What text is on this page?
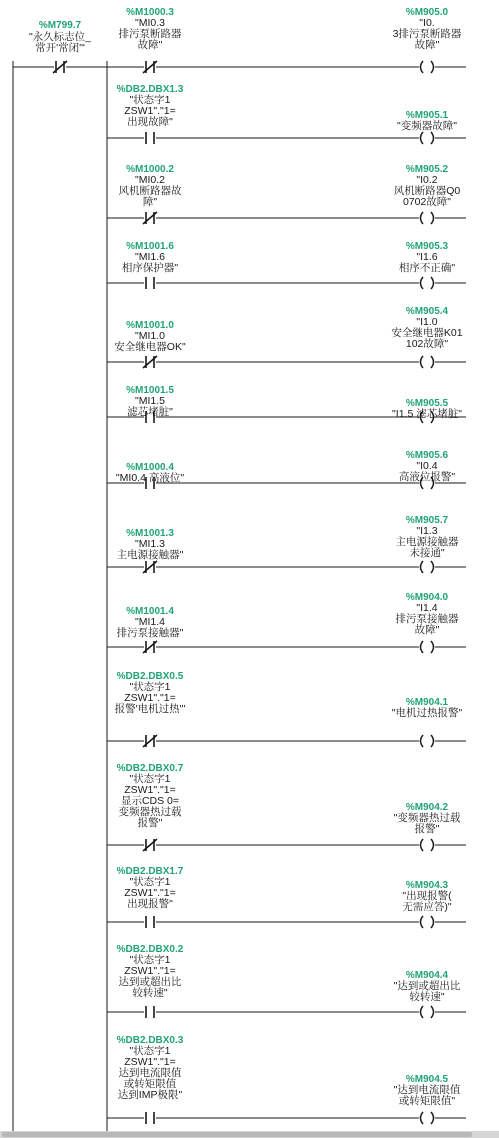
%M799.7
"永久标志位_
常开'常闭'"
%M1000.3
"MI0.3
排污泵断路器
故障"
%M905.0
"I0.
3排污泵断路器
故障"
%DB2.DBX1.3
"状态字1
ZSW1"."1=
出现故障"
%M905.1
"变频器故障"
%M1000.2
"MI0.2
风机断路器故
障"
%M905.2
"I0.2
风机断路器Q0
0702故障"
%M1001.6
"MI1.6
相序保护器"
%M905.3
"I1.6
相序不正确"
%M1001.0
"MI1.0
安全继电器OK"
%M905.4
"I1.0
安全继电器K01
102故障"
%M1001.5
"MI1.5
滤芯堵脏"
%M905.5
"I1.5 滤芯堵脏"
%M1000.4
"MI0.4 高液位"
%M905.6
"I0.4
高液位报警"
%M1001.3
"MI1.3
主电源接触器"
%M905.7
"I1.3
主电源接触器
未接通"
%M1001.4
"MI1.4
排污泵接触器"
%M904.0
"I1.4
排污泵接触器
故障"
%DB2.DBX0.5
"状态字1
ZSW1"."1=
报警'电机过热'"
%M904.1
"电机过热报警"
%DB2.DBX0.7
"状态字1
ZSW1"."1=
显示CDS 0=
变频器热过载
报警"
%M904.2
"变频器热过载
报警"
%DB2.DBX1.7
"状态字1
ZSW1"."1=
出现报警"
%M904.3
"出现报警(
无需应答)"
%DB2.DBX0.2
"状态字1
ZSW1"."1=
达到或超出比
较转速"
%M904.4
"达到或超出比
较转速"
%DB2.DBX0.3
"状态字1
ZSW1"."1=
达到电流限值
或转矩限值
达到IMP极限"
%M904.5
"达到电流限值
或转矩限值"
